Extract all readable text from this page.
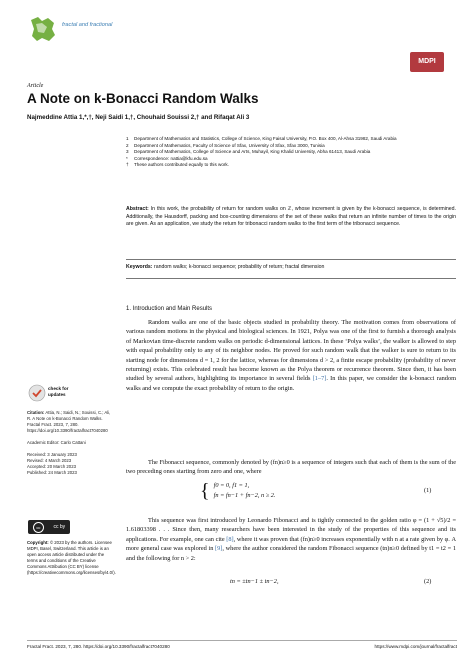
fractal and fractional
MDPI
Article
A Note on k-Bonacci Random Walks
Najmeddine Attia 1,*,†, Neji Saidi 1,†, Chouhaid Souissi 2,† and Rifaqat Ali 3
1	Department of Mathematics and Statistics, College of Science, King Faisal University, P.O. Box 400, Al-Ahsa 31982, Saudi Arabia
2	Department of Mathematics, Faculty of Science of Sfax, University of Sfax, Sfax 3000, Tunisia
3	Department of Mathematics, College of Science and Arts, Muhayil, King Khalid University, Abha 61413, Saudi Arabia
*	Correspondence: nattia@kfu.edu.sa
†	These authors contributed equally to this work.
Abstract: In this work, the probability of return for random walks on ℤ, whose increment is given by the k-bonacci sequence, is determined. Additionally, the Hausdorff, packing and box-counting dimensions of the set of these walks that return an infinite number of times to the origin are given. As an application, we study the return for tribonacci random walks to the first term of the tribonacci sequence.
Keywords: random walks; k-bonacci sequence; probability of return; fractal dimension
1. Introduction and Main Results
Random walks are one of the basic objects studied in probability theory. The motivation comes from observations of various random motions in the physical and biological sciences. In 1921, Polya was one of the first to furnish a thorough analysis of Markovian time-discrete random walks on periodic d-dimensional lattices. In these ‘Polya walks’, the walker is allowed to step with equal probability only to any of its neighbor nodes. He proved for such random walk that the walker is sure to return to its starting node for dimensions d = 1, 2 for the lattice, whereas for dimensions d > 2, a finite escape probability (probability of never returning) exists. This celebrated result has become known as the Polya theorem or recurrence theorem. Since then, it has been studied by several authors, highlighting its importance in several fields [1–7]. In this paper, we consider the k-bonacci random walks and we compute the exact probability of return to the origin.
The Fibonacci sequence, commonly denoted by (fn)n≥0 is a sequence of integers such that each of them is the sum of the two preceding ones starting from zero and one, where
{ f0 = 0, f1 = 1,
fn = fn−1 + fn−2, n ≥ 2.
(1)
This sequence was first introduced by Leonardo Fibonacci and is tightly connected to the golden ratio φ = (1 + √5)/2 = 1.61803398 . . . Since then, many researchers have been interested in the study of the properties of this sequence and its applications. For example, one can cite [8], where it was proven that (fn)n≥0 increases exponentially with n at a rate given by φ. A more general case was explored in [9], where the author considered the random Fibonacci sequence (tn)n≥0 defined by t1 = t2 = 1 and the following for n > 2:
tn = ±tn−1 ± tn−2,	(2)
check for
updates

Citation: Attia, N.; Saidi, N.; Souissi, C.; Ali, R. A Note on k-Bonacci Random Walks. Fractal Fract. 2023, 7, 280. https://doi.org/10.3390/fractalfract7040280

Academic Editor: Carlo Cattani

Received: 3 January 2023
Revised: 4 March 2023
Accepted: 20 March 2023
Published: 24 March 2023
cc	cc by
Copyright: © 2023 by the authors. Licensee MDPI, Basel, Switzerland. This article is an open access article distributed under the terms and conditions of the Creative Commons Attribution (CC BY) license (https://creativecommons.org/licenses/by/4.0/).
Fractal Fract. 2023, 7, 280. https://doi.org/10.3390/fractalfract7040280	https://www.mdpi.com/journal/fractalfract
